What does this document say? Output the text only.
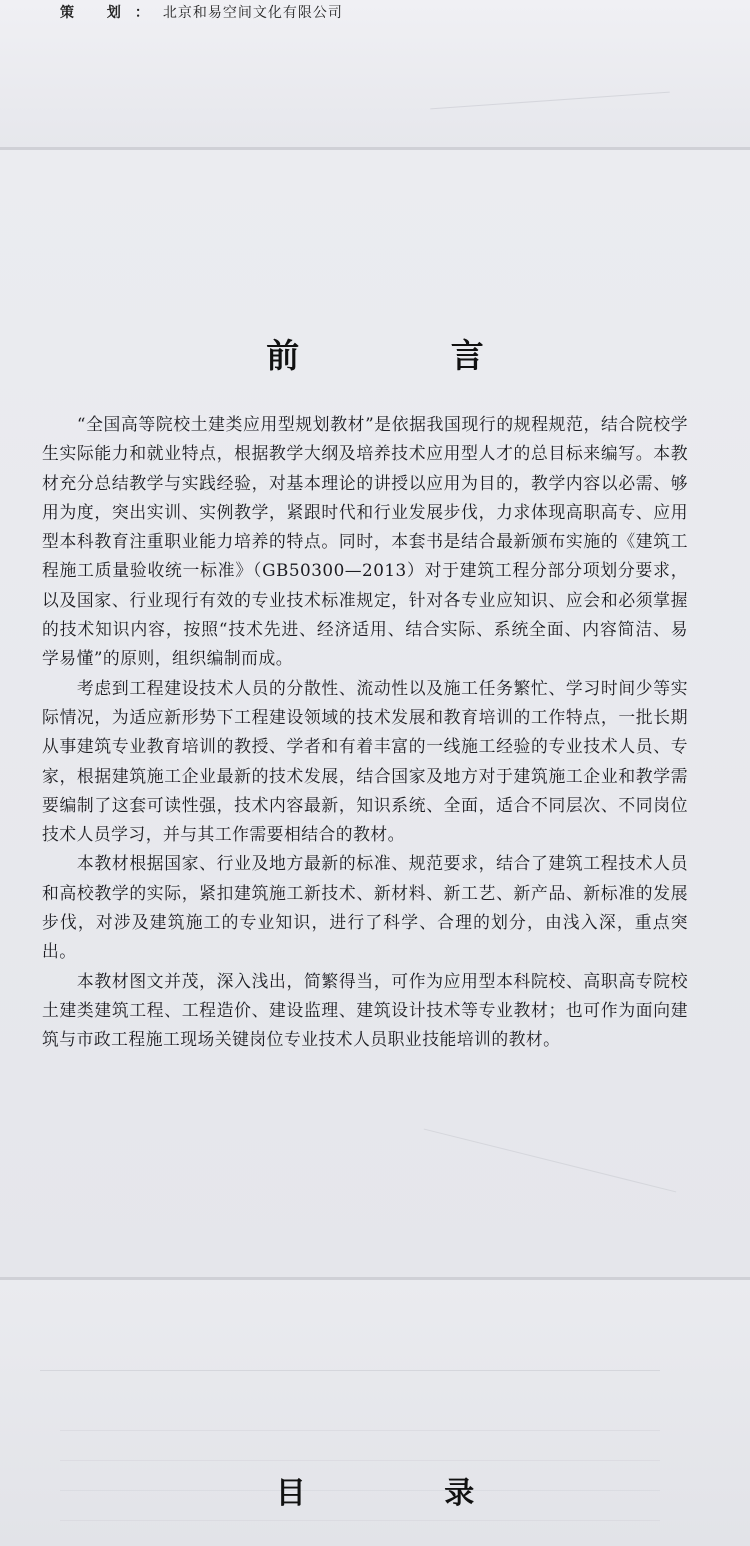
策 划：北京和易空间文化有限公司
前 言

　　“全国高等院校土建类应用型规划教材”是依据我国现行的规程规范，结合院校学生实际能力和就业特点，根据教学大纲及培养技术应用型人才的总目标来编写。本教材充分总结教学与实践经验，对基本理论的讲授以应用为目的，教学内容以必需、够用为度，突出实训、实例教学，紧跟时代和行业发展步伐，力求体现高职高专、应用型本科教育注重职业能力培养的特点。同时，本套书是结合最新颁布实施的《建筑工程施工质量验收统一标准》（GB50300—2013）对于建筑工程分部分项划分要求，以及国家、行业现行有效的专业技术标准规定，针对各专业应知识、应会和必须掌握的技术知识内容，按照“技术先进、经济适用、结合实际、系统全面、内容简洁、易学易懂”的原则，组织编制而成。

　　考虑到工程建设技术人员的分散性、流动性以及施工任务繁忙、学习时间少等实际情况，为适应新形势下工程建设领域的技术发展和教育培训的工作特点，一批长期从事建筑专业教育培训的教授、学者和有着丰富的一线施工经验的专业技术人员、专家，根据建筑施工企业最新的技术发展，结合国家及地方对于建筑施工企业和教学需要编制了这套可读性强，技术内容最新，知识系统、全面，适合不同层次、不同岗位技术人员学习，并与其工作需要相结合的教材。

　　本教材根据国家、行业及地方最新的标准、规范要求，结合了建筑工程技术人员和高校教学的实际，紧扣建筑施工新技术、新材料、新工艺、新产品、新标准的发展步伐，对涉及建筑施工的专业知识，进行了科学、合理的划分，由浅入深，重点突出。

　　本教材图文并茂，深入浅出，简繁得当，可作为应用型本科院校、高职高专院校土建类建筑工程、工程造价、建设监理、建筑设计技术等专业教材；也可作为面向建筑与市政工程施工现场关键岗位专业技术人员职业技能培训的教材。

目 录
